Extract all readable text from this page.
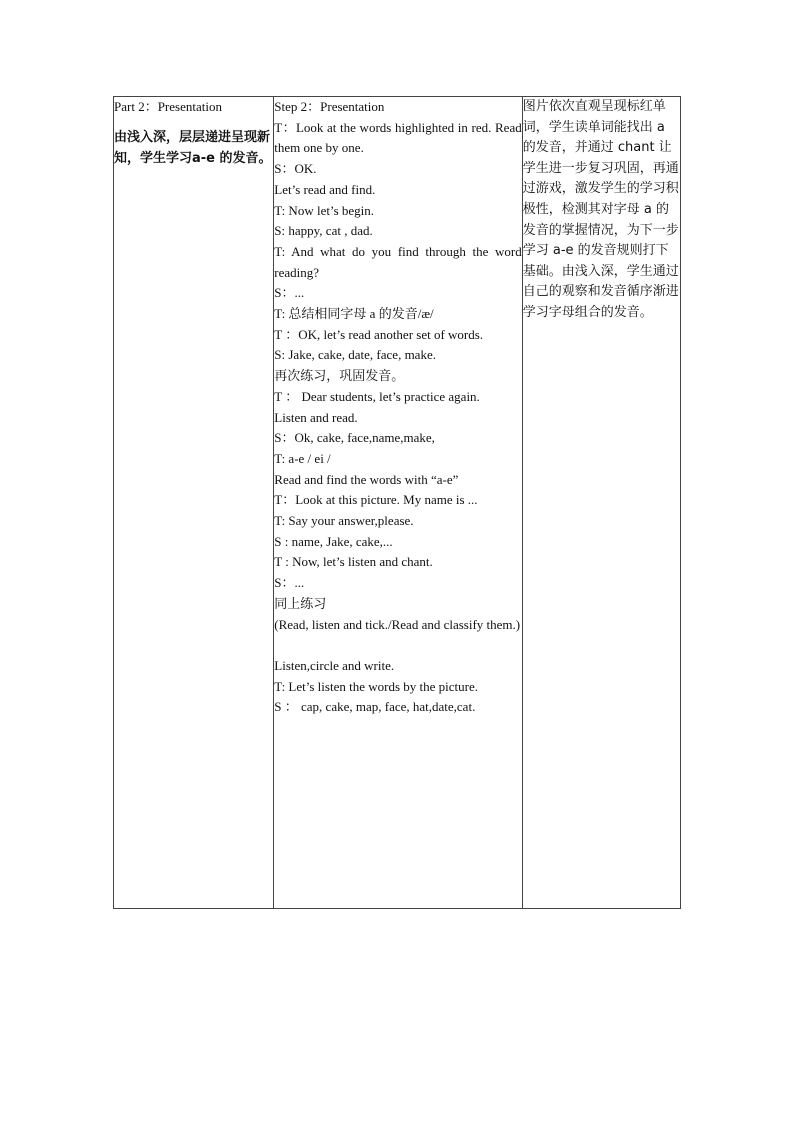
Part 2：Presentation
由浅入深，层层递进呈现新知，学生学习a-e 的发音。

Step 2：Presentation
T：Look at the words highlighted in red. Read them one by one.
S：OK.
Let’s read and find.
T: Now let’s begin.
S: happy, cat , dad.
T: And what do you find through the word reading?
S：...
T: 总结相同字母 a 的发音/æ/
T ：OK, let’s read another set of words.
S: Jake, cake, date, face, make.
再次练习，巩固发音。
T ： Dear students, let’s practice again.
Listen and read.
S：Ok, cake, face,name,make,
T: a-e / ei /
Read and find the words with “a-e”
T：Look at this picture. My name is ...
T: Say your answer,please.
S : name, Jake, cake,...
T : Now, let’s listen and chant.
S：...
同上练习
(Read, listen and tick./Read and classify them.)
Listen,circle and write.
T: Let’s listen the words by the picture.
S ： cap, cake, map, face, hat,date,cat.

图片依次直观呈现标红单词，学生读单词能找出 a 的发音，并通过 chant 让学生进一步复习巩固，再通过游戏，激发学生的学习积极性，检测其对字母 a 的发音的掌握情况，为下一步学习 a-e 的发音规则打下基础。由浅入深，学生通过自己的观察和发音循序渐进学习字母组合的发音。
